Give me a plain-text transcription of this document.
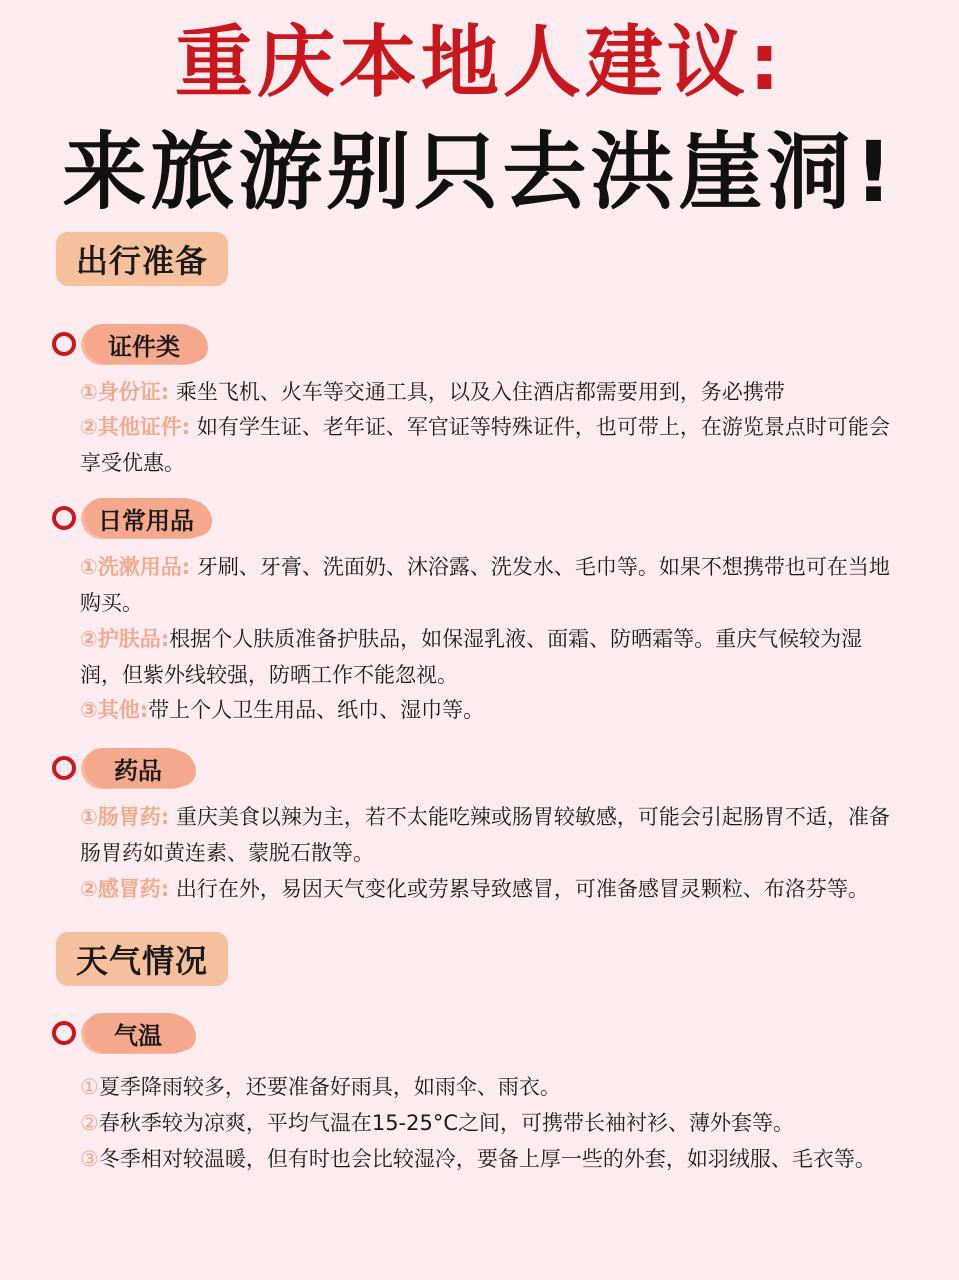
重庆本地人建议:
来旅游别只去洪崖洞!
出行准备
证件类
①身份证: 乘坐飞机、火车等交通工具，以及入住酒店都需要用到，务必携带
②其他证件: 如有学生证、老年证、军官证等特殊证件，也可带上，在游览景点时可能会享受优惠。
日常用品
①洗漱用品: 牙刷、牙膏、洗面奶、沐浴露、洗发水、毛巾等。如果不想携带也可在当地购买。
②护肤品:根据个人肤质准备护肤品，如保湿乳液、面霜、防晒霜等。重庆气候较为湿润，但紫外线较强，防晒工作不能忽视。
③其他:带上个人卫生用品、纸巾、湿巾等。
药品
①肠胃药: 重庆美食以辣为主，若不太能吃辣或肠胃较敏感，可能会引起肠胃不适，准备肠胃药如黄连素、蒙脱石散等。
②感冒药: 出行在外，易因天气变化或劳累导致感冒，可准备感冒灵颗粒、布洛芬等。
天气情况
气温
①夏季降雨较多，还要准备好雨具，如雨伞、雨衣。
②春秋季较为凉爽，平均气温在15-25°C之间，可携带长袖衬衫、薄外套等。
③冬季相对较温暖，但有时也会比较湿冷，要备上厚一些的外套，如羽绒服、毛衣等。
